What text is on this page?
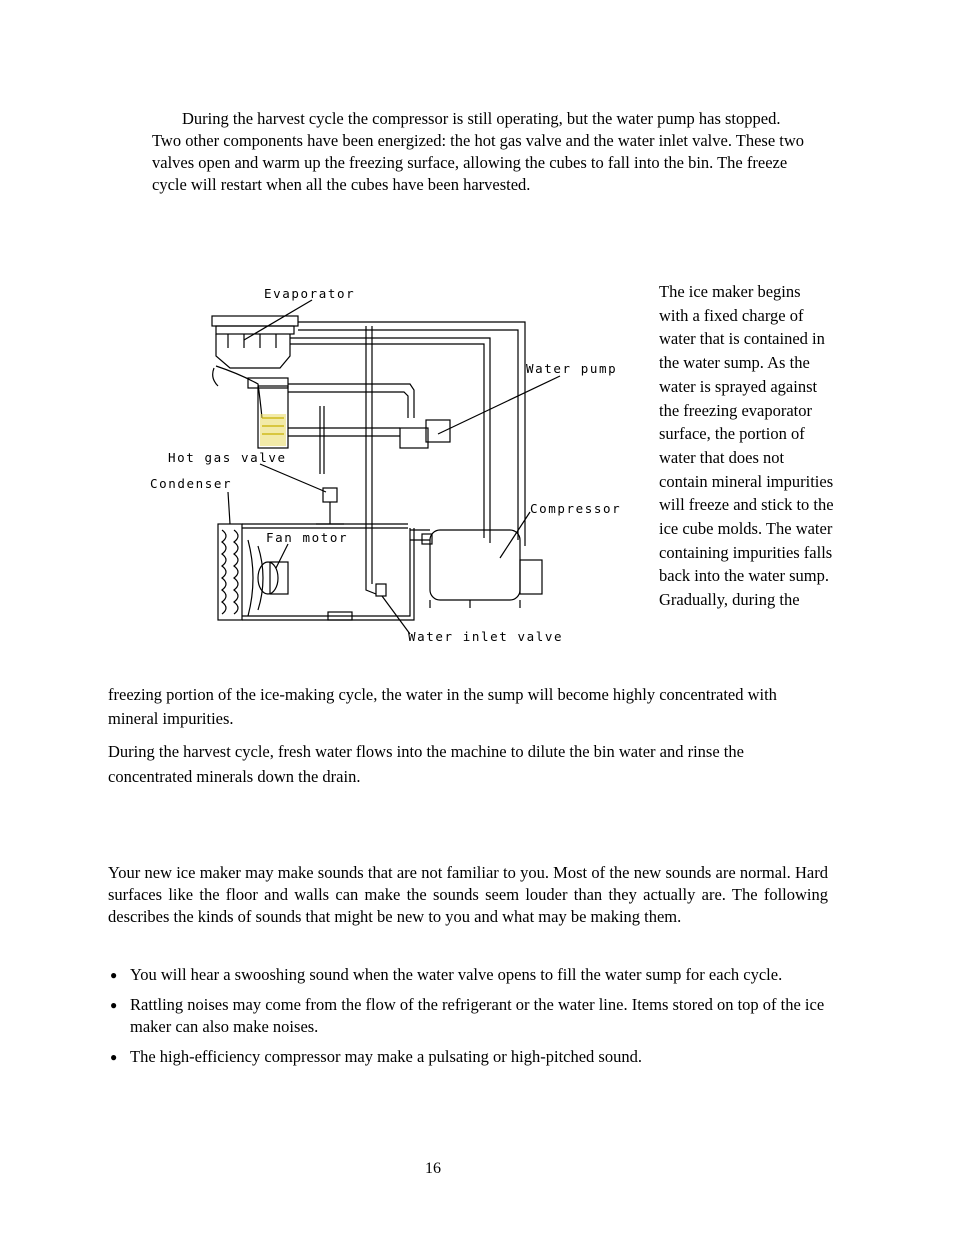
During the harvest cycle the compressor is still operating, but the water pump has stopped. Two other components have been energized: the hot gas valve and the water inlet valve. These two valves open and warm up the freezing surface, allowing the cubes to fall into the bin. The freeze cycle will restart when all the cubes have been harvested.

Evaporator
Water pump
Hot gas valve
Condenser
Compressor
Fan motor
Water inlet valve

The ice maker begins with a fixed charge of water that is contained in the water sump. As the water is sprayed against the freezing evaporator surface, the portion of water that does not contain mineral impurities will freeze and stick to the ice cube molds. The water containing impurities falls back into the water sump. Gradually, during the

freezing portion of the ice-making cycle, the water in the sump will become highly concentrated with mineral impurities.

During the harvest cycle, fresh water flows into the machine to dilute the bin water and rinse the concentrated minerals down the drain.

Your new ice maker may make sounds that are not familiar to you. Most of the new sounds are normal. Hard surfaces like the floor and walls can make the sounds seem louder than they actually are. The following describes the kinds of sounds that might be new to you and what may be making them.

● You will hear a swooshing sound when the water valve opens to fill the water sump for each cycle.
● Rattling noises may come from the flow of the refrigerant or the water line. Items stored on top of the ice maker can also make noises.
● The high-efficiency compressor may make a pulsating or high-pitched sound.
16
